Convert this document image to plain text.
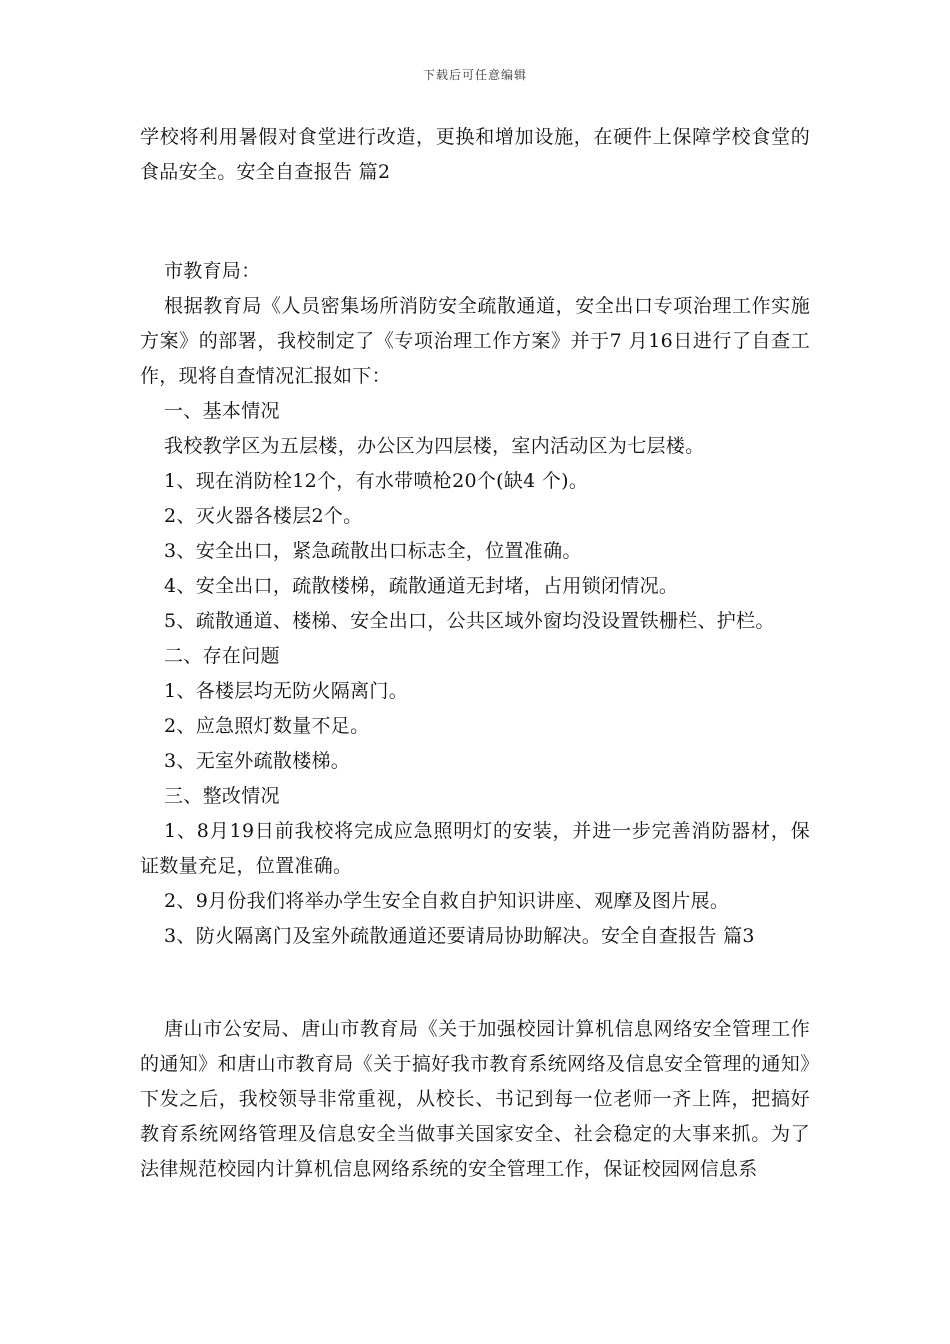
下载后可任意编辑

学校将利用暑假对食堂进行改造，更换和增加设施，在硬件上保障学校食堂的食品安全。安全自查报告 篇2

市教育局：

根据教育局《人员密集场所消防安全疏散通道，安全出口专项治理工作实施方案》的部署，我校制定了《专项治理工作方案》并于7 月16日进行了自查工作，现将自查情况汇报如下：

一、基本情况

我校教学区为五层楼，办公区为四层楼，室内活动区为七层楼。

1、现在消防栓12个，有水带喷枪20个(缺4 个)。

2、灭火器各楼层2个。

3、安全出口，紧急疏散出口标志全，位置准确。

4、安全出口，疏散楼梯，疏散通道无封堵，占用锁闭情况。

5、疏散通道、楼梯、安全出口，公共区域外窗均没设置铁栅栏、护栏。

二、存在问题

1、各楼层均无防火隔离门。

2、应急照灯数量不足。

3、无室外疏散楼梯。

三、整改情况

1、8月19日前我校将完成应急照明灯的安装，并进一步完善消防器材，保证数量充足，位置准确。

2、9月份我们将举办学生安全自救自护知识讲座、观摩及图片展。

3、防火隔离门及室外疏散通道还要请局协助解决。安全自查报告 篇3

唐山市公安局、唐山市教育局《关于加强校园计算机信息网络安全管理工作的通知》和唐山市教育局《关于搞好我市教育系统网络及信息安全管理的通知》下发之后，我校领导非常重视，从校长、书记到每一位老师一齐上阵，把搞好教育系统网络管理及信息安全当做事关国家安全、社会稳定的大事来抓。为了法律规范校园内计算机信息网络系统的安全管理工作，保证校园网信息系
